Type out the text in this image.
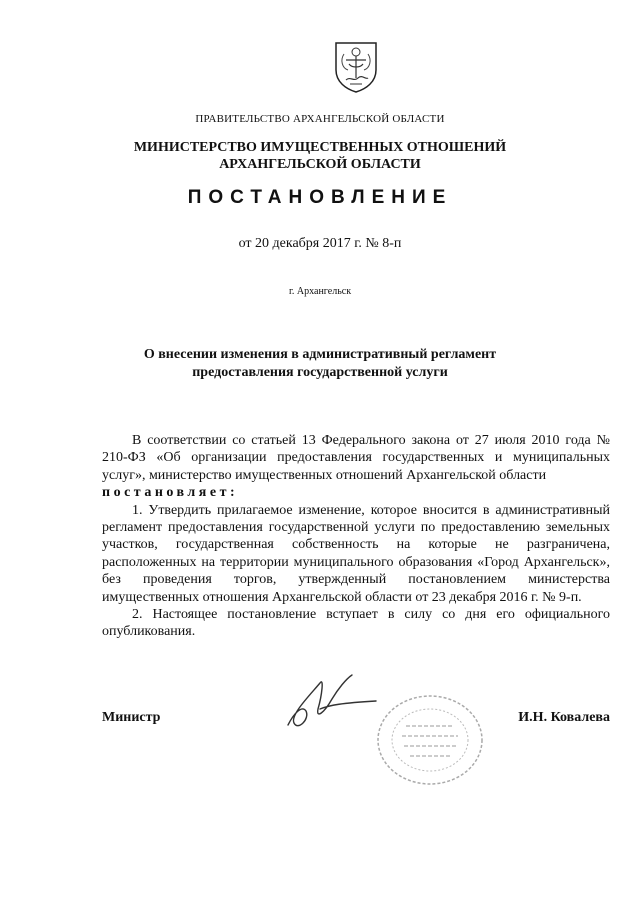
ПРАВИТЕЛЬСТВО АРХАНГЕЛЬСКОЙ ОБЛАСТИ
МИНИСТЕРСТВО ИМУЩЕСТВЕННЫХ ОТНОШЕНИЙ
АРХАНГЕЛЬСКОЙ ОБЛАСТИ
ПОСТАНОВЛЕНИЕ
от 20 декабря 2017 г. № 8-п
г. Архангельск
О внесении изменения в административный регламент
предоставления государственной услуги

В соответствии со статьей 13 Федерального закона от 27 июля 2010 года № 210-ФЗ «Об организации предоставления государственных и муниципальных услуг», министерство имущественных отношений Архангельской области

постановляет:

1. Утвердить прилагаемое изменение, которое вносится в административный регламент предоставления государственной услуги по предоставлению земельных участков, государственная собственность на которые не разграничена, расположенных на территории муниципального образования «Город Архангельск», без проведения торгов, утвержденный постановлением министерства имущественных отношения Архангельской области от 23 декабря 2016 г. № 9-п.

2. Настоящее постановление вступает в силу со дня его официального опубликования.

Министр	И.Н. Ковалева
